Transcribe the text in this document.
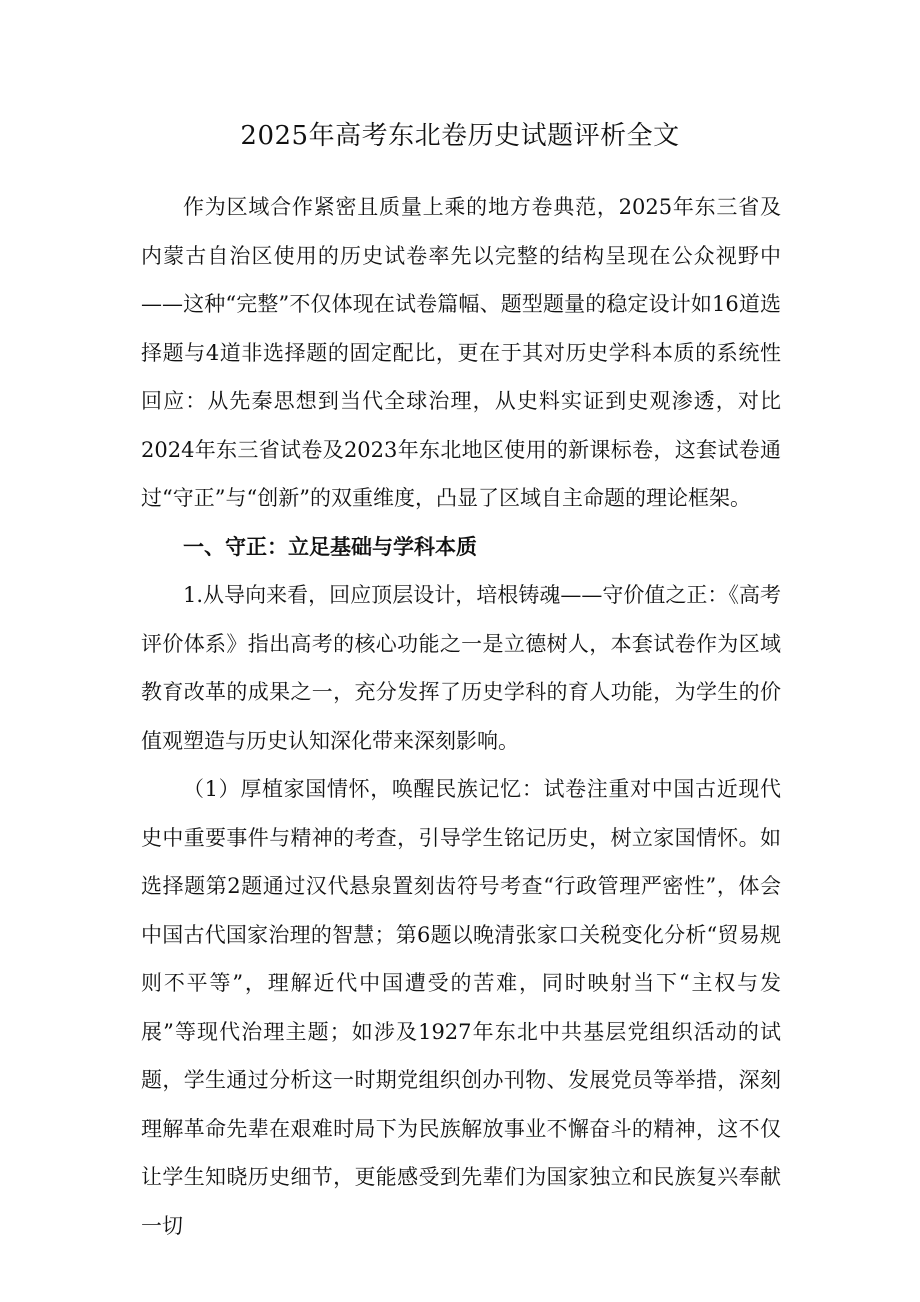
2025年高考东北卷历史试题评析全文

作为区域合作紧密且质量上乘的地方卷典范，2025年东三省及内蒙古自治区使用的历史试卷率先以完整的结构呈现在公众视野中——这种“完整”不仅体现在试卷篇幅、题型题量的稳定设计如16道选择题与4道非选择题的固定配比，更在于其对历史学科本质的系统性回应：从先秦思想到当代全球治理，从史料实证到史观渗透，对比2024年东三省试卷及2023年东北地区使用的新课标卷，这套试卷通过“守正”与“创新”的双重维度，凸显了区域自主命题的理论框架。

一、守正：立足基础与学科本质

1.从导向来看，回应顶层设计，培根铸魂——守价值之正：《高考评价体系》指出高考的核心功能之一是立德树人，本套试卷作为区域教育改革的成果之一，充分发挥了历史学科的育人功能，为学生的价值观塑造与历史认知深化带来深刻影响。

（1）厚植家国情怀，唤醒民族记忆：试卷注重对中国古近现代史中重要事件与精神的考查，引导学生铭记历史，树立家国情怀。如选择题第2题通过汉代悬泉置刻齿符号考查“行政管理严密性”，体会中国古代国家治理的智慧；第6题以晚清张家口关税变化分析“贸易规则不平等”，理解近代中国遭受的苦难，同时映射当下“主权与发展”等现代治理主题；如涉及1927年东北中共基层党组织活动的试题，学生通过分析这一时期党组织创办刊物、发展党员等举措，深刻理解革命先辈在艰难时局下为民族解放事业不懈奋斗的精神，这不仅让学生知晓历史细节，更能感受到先辈们为国家独立和民族复兴奉献一切
